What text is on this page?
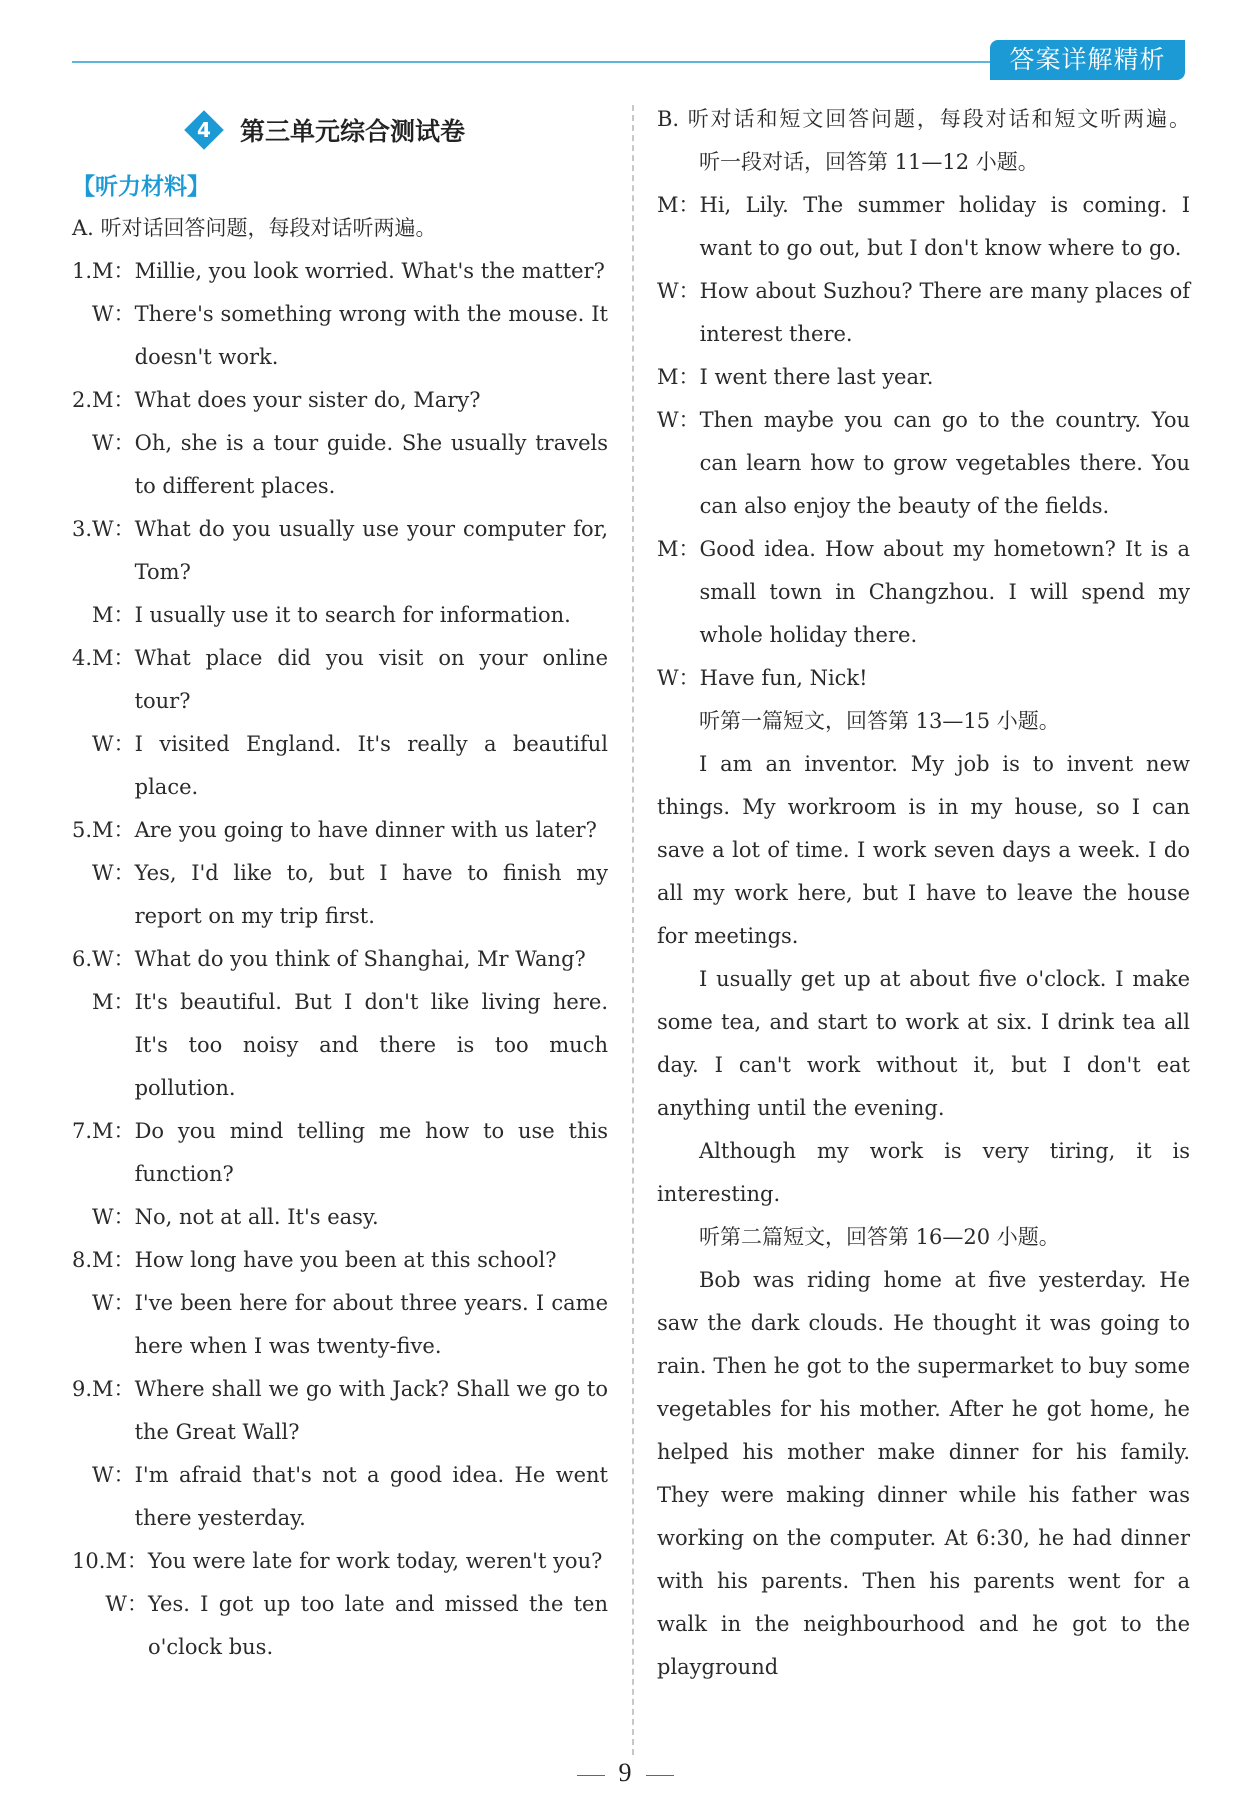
答案详解精析
4 第三单元综合测试卷
【听力材料】

A. 听对话回答问题，每段对话听两遍。

1. M： Millie, you look worried. What's the matter?
W： There's something wrong with the mouse. It doesn't work.
2. M： What does your sister do, Mary?
W： Oh, she is a tour guide. She usually travels to different places.
3. W： What do you usually use your computer for, Tom?
M： I usually use it to search for information.
4. M： What place did you visit on your online tour?
W： I visited England. It's really a beautiful place.
5. M： Are you going to have dinner with us later?
W： Yes, I'd like to, but I have to finish my report on my trip first.
6. W： What do you think of Shanghai, Mr Wang?
M： It's beautiful. But I don't like living here. It's too noisy and there is too much pollution.
7. M： Do you mind telling me how to use this function?
W： No, not at all. It's easy.
8. M： How long have you been at this school?
W： I've been here for about three years. I came here when I was twenty-five.
9. M： Where shall we go with Jack? Shall we go to the Great Wall?
W： I'm afraid that's not a good idea. He went there yesterday.
10. M： You were late for work today, weren't you?
W： Yes. I got up too late and missed the ten o'clock bus.

B. 听对话和短文回答问题，每段对话和短文听两遍。

听一段对话，回答第 11—12 小题。

M： Hi, Lily. The summer holiday is coming. I want to go out, but I don't know where to go.
W： How about Suzhou? There are many places of interest there.
M： I went there last year.
W： Then maybe you can go to the country. You can learn how to grow vegetables there. You can also enjoy the beauty of the fields.
M： Good idea. How about my hometown? It is a small town in Changzhou. I will spend my whole holiday there.
W： Have fun, Nick!

听第一篇短文，回答第 13—15 小题。

I am an inventor. My job is to invent new things. My workroom is in my house, so I can save a lot of time. I work seven days a week. I do all my work here, but I have to leave the house for meetings.

I usually get up at about five o'clock. I make some tea, and start to work at six. I drink tea all day. I can't work without it, but I don't eat anything until the evening.

Although my work is very tiring, it is interesting.

听第二篇短文，回答第 16—20 小题。

Bob was riding home at five yesterday. He saw the dark clouds. He thought it was going to rain. Then he got to the supermarket to buy some vegetables for his mother. After he got home, he helped his mother make dinner for his family. They were making dinner while his father was working on the computer. At 6:30, he had dinner with his parents. Then his parents went for a walk in the neighbourhood and he got to the playground

9
